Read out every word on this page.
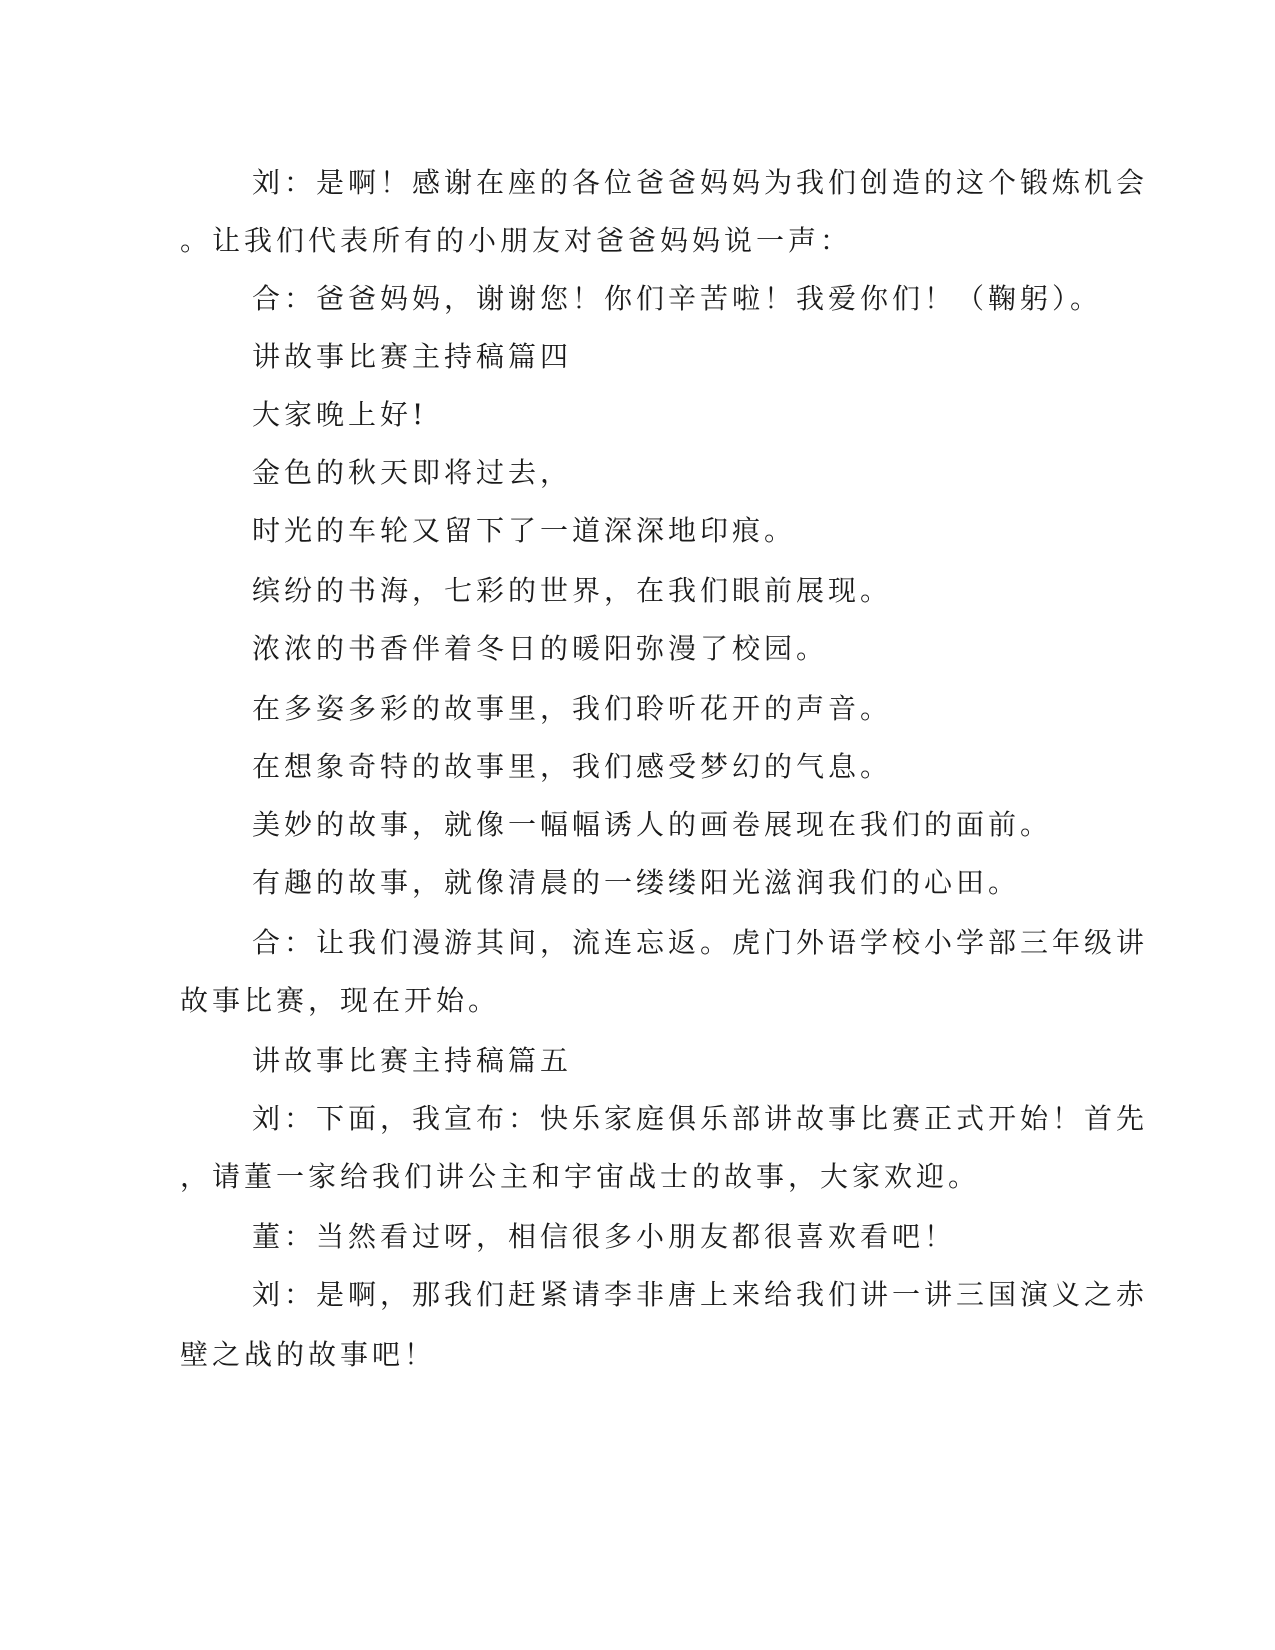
刘：是啊！感谢在座的各位爸爸妈妈为我们创造的这个锻炼机会
。让我们代表所有的小朋友对爸爸妈妈说一声：
合：爸爸妈妈，谢谢您！你们辛苦啦！我爱你们！（鞠躬）。
讲故事比赛主持稿篇四
大家晚上好!
金色的秋天即将过去，
时光的车轮又留下了一道深深地印痕。
缤纷的书海，七彩的世界，在我们眼前展现。
浓浓的书香伴着冬日的暖阳弥漫了校园。
在多姿多彩的故事里，我们聆听花开的声音。
在想象奇特的故事里，我们感受梦幻的气息。
美妙的故事，就像一幅幅诱人的画卷展现在我们的面前。
有趣的故事，就像清晨的一缕缕阳光滋润我们的心田。
合：让我们漫游其间，流连忘返。虎门外语学校小学部三年级讲
故事比赛，现在开始。
讲故事比赛主持稿篇五
刘：下面，我宣布：快乐家庭俱乐部讲故事比赛正式开始！首先
，请董一家给我们讲公主和宇宙战士的故事，大家欢迎。
董：当然看过呀，相信很多小朋友都很喜欢看吧！
刘：是啊，那我们赶紧请李非唐上来给我们讲一讲三国演义之赤
壁之战的故事吧！
